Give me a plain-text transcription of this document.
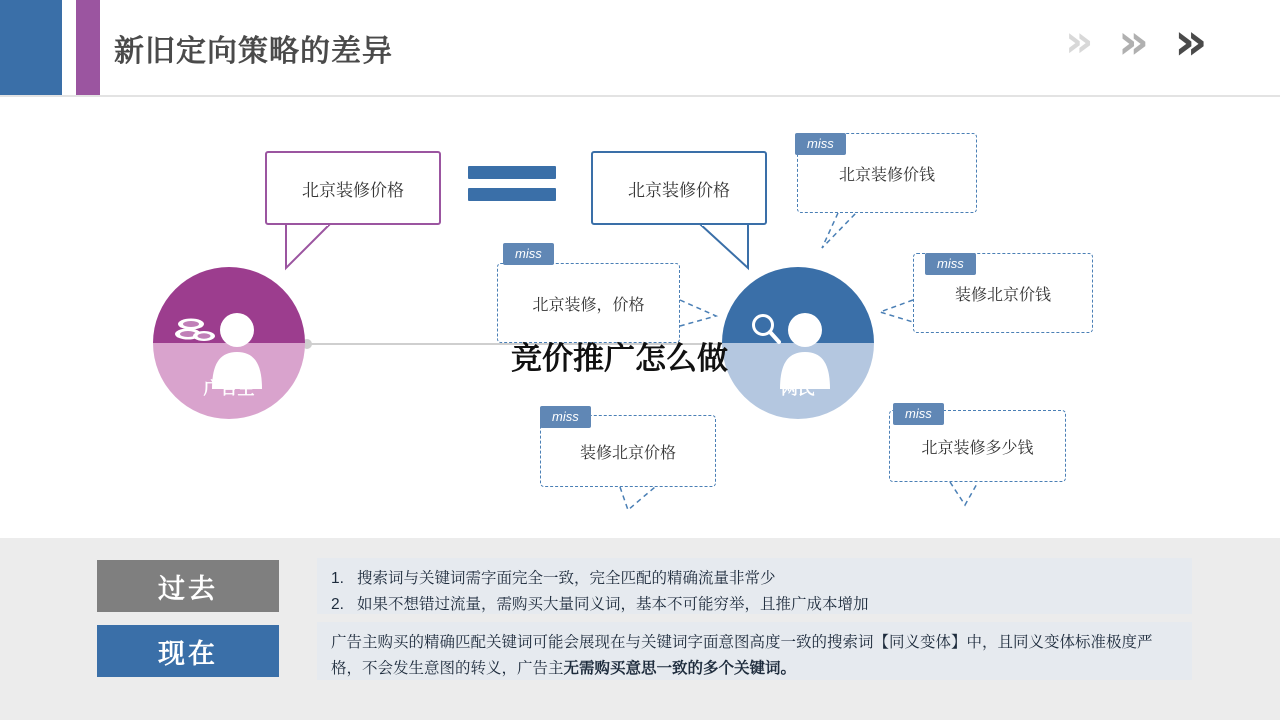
新旧定向策略的差异	» » »
广告主	网民
北京装修价格	北京装修价格
miss
北京装修价钱
miss
北京装修，价格
miss
装修北京价钱
miss
装修北京价格
miss
北京装修多少钱
竞价推广怎么做
过去	1. 搜索词与关键词需字面完全一致，完全匹配的精确流量非常少
2. 如果不想错过流量，需购买大量同义词，基本不可能穷举，且推广成本增加
现在	广告主购买的精确匹配关键词可能会展现在与关键词字面意图高度一致的搜索词【同义变体】中，且同义变体标准极度严格，不会发生意图的转义，广告主无需购买意思一致的多个关键词。
